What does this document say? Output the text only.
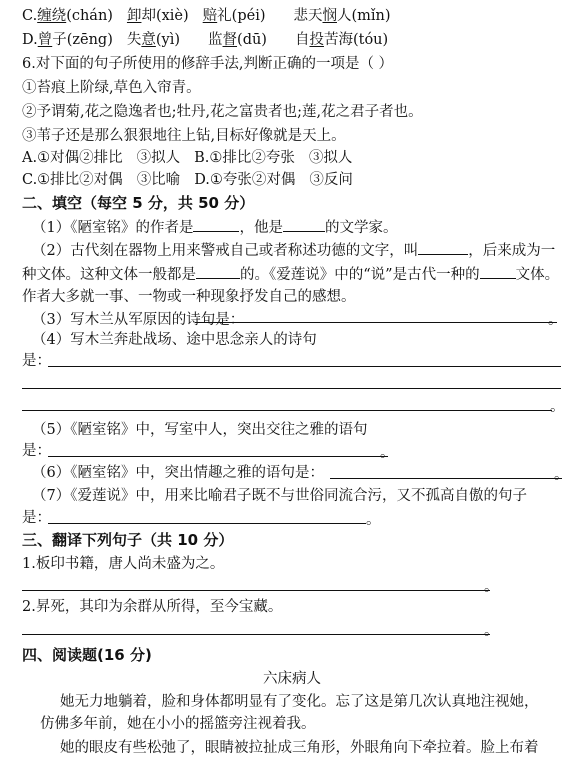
C.缠绕(chán) 卸却(xiè) 赔礼(péi) 悲天悯人(mǐn)
D.曾子(zēng) 失意(yì) 监督(dū) 自投苦海(tóu)
6.对下面的句子所使用的修辞手法,判断正确的一项是（ ）
①苔痕上阶绿,草色入帘青。
②予谓菊,花之隐逸者也;牡丹,花之富贵者也;莲,花之君子者也。
③苇子还是那么狠狠地往上钻,目标好像就是天上。
A.①对偶②排比 ③拟人 B.①排比②夸张 ③拟人
C.①排比②对偶 ③比喻 D.①夸张②对偶 ③反问
二、填空（每空 5 分，共 50 分）
（1）《陋室铭》的作者是	，他是	的文学家。
（2）古代刻在器物上用来警戒自己或者称述功德的文字，叫	，后来成为一
种文体。这种文体一般都是	的。《爱莲说》中的“说”是古代一种的 文体。
作者大多就一事、一物或一种现象抒发自己的感想。
（3）写木兰从军原因的诗句是：	。
（4）写木兰奔赴战场、途中思念亲人的诗句
是：
。
（5）《陋室铭》中，写室中人，突出交往之雅的语句
是：	。
（6）《陋室铭》中，突出情趣之雅的语句是：	。
（7）《爱莲说》中，用来比喻君子既不与世俗同流合污，又不孤高自傲的句子
是：	。
三、翻译下列句子（共 10 分）
1.板印书籍，唐人尚未盛为之。
。
2.昇死，其印为余群从所得，至今宝藏。
。
四、阅读题(16 分)
六床病人
她无力地躺着，脸和身体都明显有了变化。忘了这是第几次认真地注视她，
仿佛多年前，她在小小的摇篮旁注视着我。
她的眼皮有些松弛了，眼睛被拉扯成三角形，外眼角向下牵拉着。脸上布着
